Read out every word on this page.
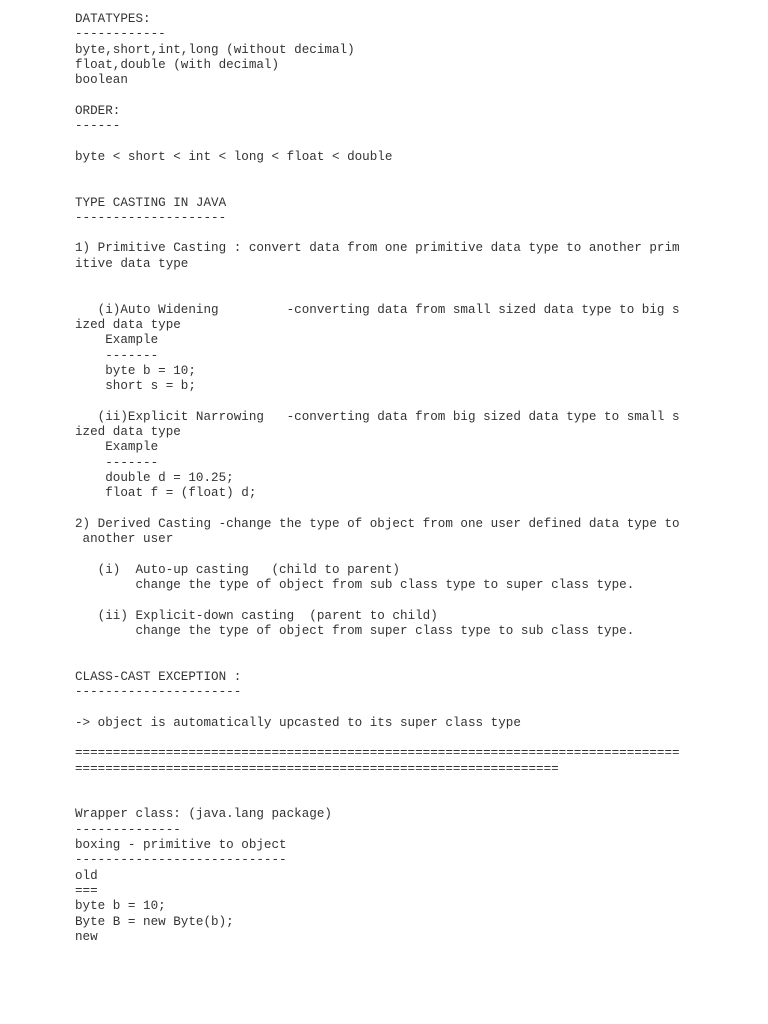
DATATYPES:
------------
byte,short,int,long (without decimal)
float,double (with decimal)
boolean
ORDER:
------
byte < short < int < long < float < double
TYPE CASTING IN JAVA
--------------------
1) Primitive Casting : convert data from one primitive data type to another prim
itive data type
(i)Auto Widening         -converting data from small sized data type to big s
ized data type
Example
-------
byte b = 10;
short s = b;
(ii)Explicit Narrowing   -converting data from big sized data type to small s
ized data type
Example
-------
double d = 10.25;
float f = (float) d;
2) Derived Casting -change the type of object from one user defined data type to
another user
(i)  Auto-up casting   (child to parent)
change the type of object from sub class type to super class type.
(ii) Explicit-down casting  (parent to child)
change the type of object from super class type to sub class type.
CLASS-CAST EXCEPTION :
----------------------
-> object is automatically upcasted to its super class type
================================================================================
================================================================
Wrapper class: (java.lang package)
--------------
boxing - primitive to object
----------------------------
old
===
byte b = 10;
Byte B = new Byte(b);
new
